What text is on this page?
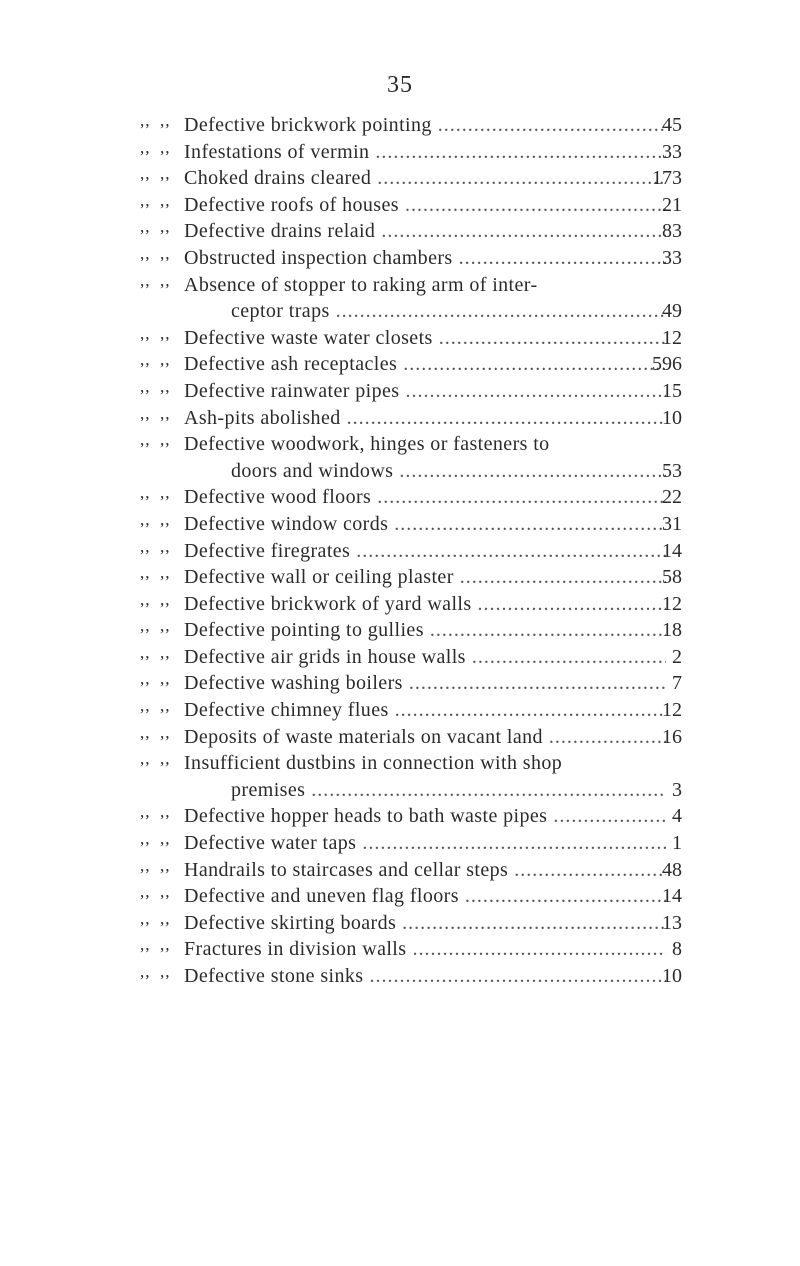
35
,, ,, Defective brickwork pointing .....	45
,, ,, Infestations of vermin .....	33
,, ,, Choked drains cleared .....	173
,, ,, Defective roofs of houses .....	21
,, ,, Defective drains relaid .....	83
,, ,, Obstructed inspection chambers .....	33
,, ,, Absence of stopper to raking arm of inter-
ceptor traps .....	49
,, ,, Defective waste water closets .....	12
,, ,, Defective ash receptacles .....	596
,, ,, Defective rainwater pipes .....	15
,, ,, Ash-pits abolished .....	10
,, ,, Defective woodwork, hinges or fasteners to
doors and windows .....	53
,, ,, Defective wood floors .....	22
,, ,, Defective window cords .....	31
,, ,, Defective firegrates .....	14
,, ,, Defective wall or ceiling plaster .....	58
,, ,, Defective brickwork of yard walls .....	12
,, ,, Defective pointing to gullies .....	18
,, ,, Defective air grids in house walls .....	2
,, ,, Defective washing boilers .....	7
,, ,, Defective chimney flues .....	12
,, ,, Deposits of waste materials on vacant land .....	16
,, ,, Insufficient dustbins in connection with shop
premises .....	3
,, ,, Defective hopper heads to bath waste pipes .....	4
,, ,, Defective water taps .....	1
,, ,, Handrails to staircases and cellar steps .....	48
,, ,, Defective and uneven flag floors .....	14
,, ,, Defective skirting boards .....	13
,, ,, Fractures in division walls .....	8
,, ,, Defective stone sinks .....	10
